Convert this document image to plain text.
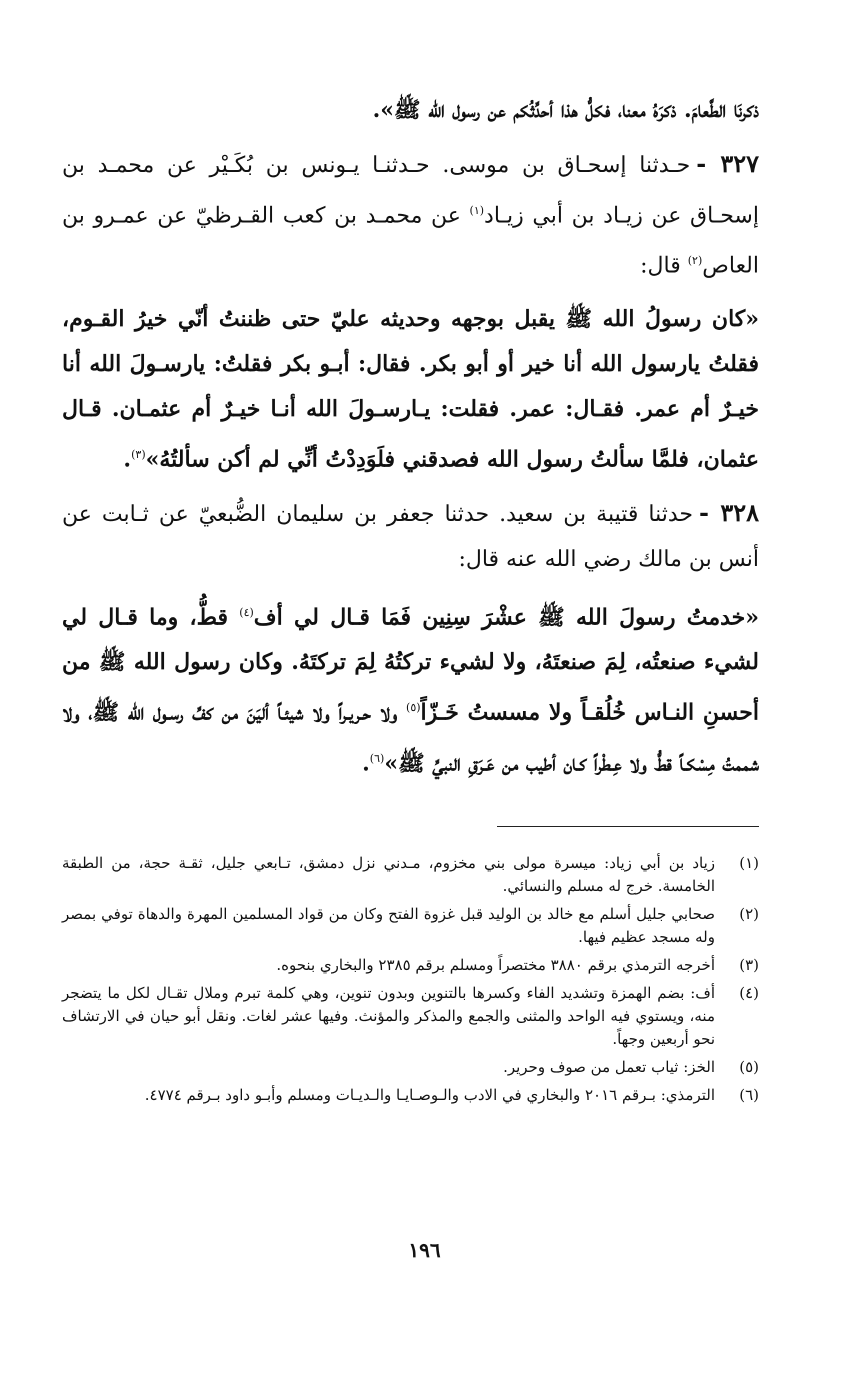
ذكرنَا الطَّعامَ. ذكرَهُ معنا، فكلُّ هذا أحدِّثُكم عن رسول الله ﷺ».

٣٢٧ -حـدثنا إسحـاق بن موسى. حـدثنـا يـونس بن بُكَـيْر عن محمـد بن إسحـاق عن زيـاد بن أبي زيـاد$^{(١)}$ عن محمـد بن كعب القـرظيّ عن عمـرو بن العاص$^{(٢)}$ قال:

«كان رسولُ الله ﷺ يقبل بوجهه وحديثه عليّ حتى ظننتُ أنّي خيرُ القـوم، فقلتُ يارسول الله أنا خير أو أبو بكر. فقال: أبـو بكر فقلتُ: يارسـولَ الله أنا خيـرٌ أم عمر. فقـال: عمر. فقلت: يـارسـولَ الله أنـا خيـرٌ أم عثمـان. قـال عثمان، فلمَّا سألتُ رسول الله فصدقني فلَوَدِدْتُ أنِّي لم أكن سألتُهُ»$^{(٣)}$.

٣٢٨ -حدثنا قتيبة بن سعيد. حدثنا جعفر بن سليمان الضُّبعيّ عن ثـابت عن أنس بن مالك رضي الله عنه قال:

«خدمتُ رسولَ الله ﷺ عشْرَ سِنِين فَمَا قـال لي أف$^{(٤)}$ قطُّ، وما قـال لي لشيء صنعتُه، لِمَ صنعتَهُ، ولا لشيء تركتُهُ لِمَ تركتَهُ. وكان رسول الله ﷺ من أحسنِ النـاس خُلُقـاً ولا مسستُ خَـزّاً$^{(٥)}$ ولا حـريـراً ولا شيئـاً أليَنَ من كفِّ رسـول الله ﷺ، ولا شممتُ مِسْكـاً قطُّ ولا عِـطْراً كـان أطيب من عَـرَقِ النبيِّ ﷺ»$^{(٦)}$.

(١)
زياد بن أبي زياد: ميسرة مولى بني مخزوم، مـدني نزل دمشق، تـابعي جليل، ثقـة حجة، من الطبقة الخامسة. خرج له مسلم والنسائي.
(٢)
صحابي جليل أسلم مع خالد بن الوليد قبل غزوة الفتح وكان من قواد المسلمين المهرة والدهاة توفي بمصر وله مسجد عظيم فيها.
(٣)
أخرجه الترمذي برقم ٣٨٨٠ مختصراً ومسلم برقم ٢٣٨٥ والبخاري بنحوه.
(٤)
أف: بضم الهمزة وتشديد الفاء وكسرها بالتنوين وبدون تنوين، وهي كلمة تبرم وملال تقـال لكل ما يتضجر منه، ويستوي فيه الواحد والمثنى والجمع والمذكر والمؤنث. وفيها عشر لغات. ونقل أبو حيان في الارتشاف نحو أربعين وجهاً.
(٥)
الخز: ثياب تعمل من صوف وحرير.
(٦)
الترمذي: بـرقم ٢٠١٦ والبخاري في الادب والـوصـايـا والـديـات ومسلم وأبـو داود بـرقم ٤٧٧٤.
١٩٦
